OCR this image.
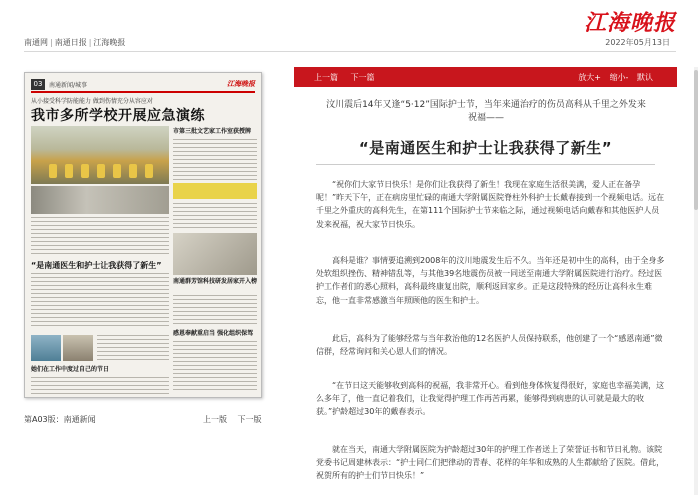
江海晚报
南通网 | 南通日报 | 江海晚报	2022年05月13日
03	南通新闻/城事	江海晚报
从小接受科学防能能力 做到伤情充分从容应对
我市多所学校开展应急演练
市第三批文艺家工作室获授牌
“是南通医生和护士让我获得了新生”
南通群芳馆科技研发居家开入榜
感恩奉献重启当 强化组织保驾
她们在工作中度过自己的节日
第A03版：南通新闻	上一版 下一版
上一篇 下一篇	放大+ 缩小- 默认
汶川震后14年又逢“5·12”国际护士节，当年来通治疗的伤员高科从千里之外发来祝福——
“是南通医生和护士让我获得了新生”

“祝你们大家节日快乐！是你们让我获得了新生！我现在家庭生活很美满，爱人正在备孕呢！”昨天下午，正在病房里忙碌的南通大学附属医院脊柱外科护士长戴春接到一个视频电话。远在千里之外重庆的高科先生，在第111个国际护士节来临之际，通过视频电话向戴春和其他医护人员发来祝福，祝大家节日快乐。

高科是谁？事情要追溯到2008年的汶川地震发生后不久。当年还是初中生的高科，由于全身多处软组织挫伤、精神错乱等，与其他39名地震伤员被一同送至南通大学附属医院进行治疗。经过医护工作者们的悉心照料，高科最终康复出院，顺利返回家乡。正是这段特殊的经历让高科永生难忘，他一直非常感激当年照顾他的医生和护士。

此后，高科为了能够经常与当年救治他的12名医护人员保持联系，他创建了一个“感恩南通”微信群，经常询问和关心恩人们的情况。

“在节日这天能够收到高科的祝福，我非常开心。看到他身体恢复得很好，家庭也幸福美满，这么多年了，他一直记着我们，让我觉得护理工作再苦再累，能够得到病患的认可就是最大的收获。”护龄超过30年的戴春表示。

就在当天，南通大学附属医院为护龄超过30年的护理工作者送上了荣誉证书和节日礼物。该院党委书记周建林表示：“护士同仁们把律动的青春、花样的年华和成熟的人生都献给了医院。借此，祝贺所有的护士们节日快乐！”
